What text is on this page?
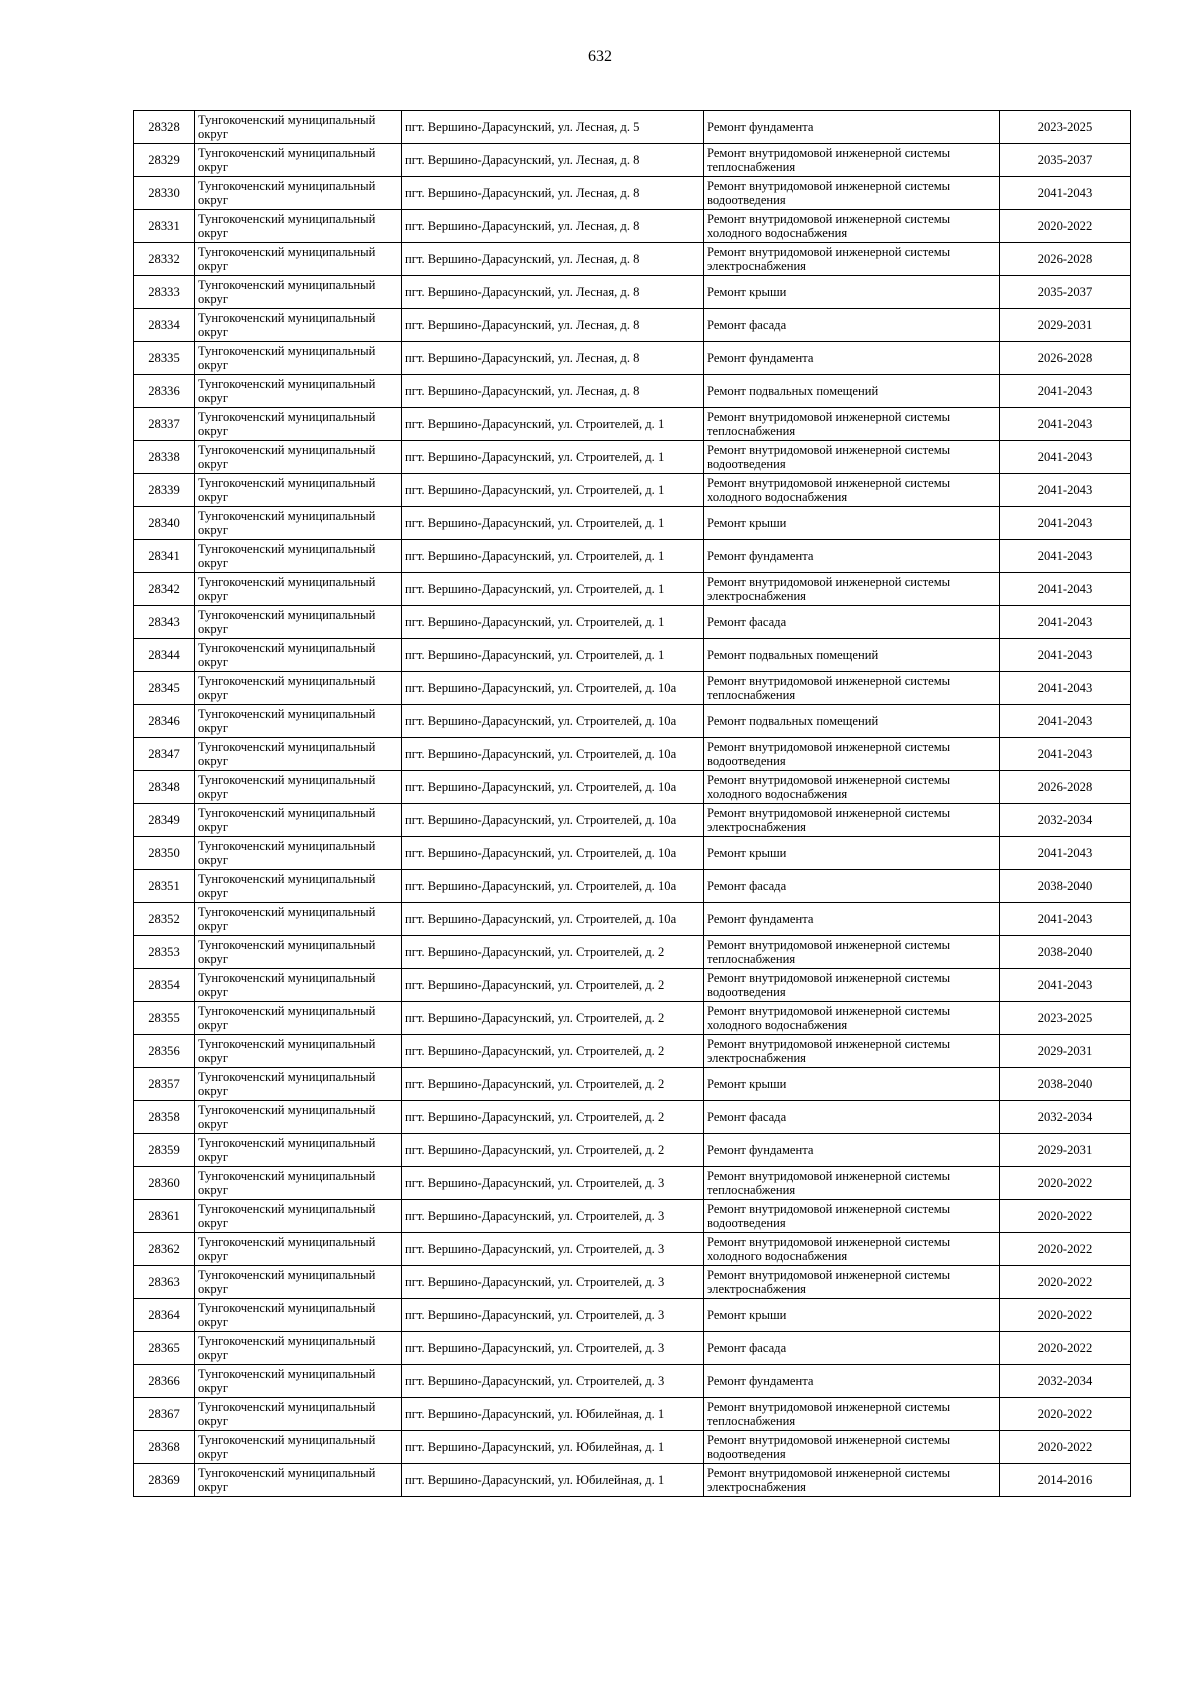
632
28328	Тунгокоченский муниципальный округ	пгт. Вершино-Дарасунский, ул. Лесная, д. 5	Ремонт фундамента	2023-2025
28329	Тунгокоченский муниципальный округ	пгт. Вершино-Дарасунский, ул. Лесная, д. 8	Ремонт внутридомовой инженерной системы теплоснабжения	2035-2037
28330	Тунгокоченский муниципальный округ	пгт. Вершино-Дарасунский, ул. Лесная, д. 8	Ремонт внутридомовой инженерной системы водоотведения	2041-2043
28331	Тунгокоченский муниципальный округ	пгт. Вершино-Дарасунский, ул. Лесная, д. 8	Ремонт внутридомовой инженерной системы холодного водоснабжения	2020-2022
28332	Тунгокоченский муниципальный округ	пгт. Вершино-Дарасунский, ул. Лесная, д. 8	Ремонт внутридомовой инженерной системы электроснабжения	2026-2028
28333	Тунгокоченский муниципальный округ	пгт. Вершино-Дарасунский, ул. Лесная, д. 8	Ремонт крыши	2035-2037
28334	Тунгокоченский муниципальный округ	пгт. Вершино-Дарасунский, ул. Лесная, д. 8	Ремонт фасада	2029-2031
28335	Тунгокоченский муниципальный округ	пгт. Вершино-Дарасунский, ул. Лесная, д. 8	Ремонт фундамента	2026-2028
28336	Тунгокоченский муниципальный округ	пгт. Вершино-Дарасунский, ул. Лесная, д. 8	Ремонт подвальных помещений	2041-2043
28337	Тунгокоченский муниципальный округ	пгт. Вершино-Дарасунский, ул. Строителей, д. 1	Ремонт внутридомовой инженерной системы теплоснабжения	2041-2043
28338	Тунгокоченский муниципальный округ	пгт. Вершино-Дарасунский, ул. Строителей, д. 1	Ремонт внутридомовой инженерной системы водоотведения	2041-2043
28339	Тунгокоченский муниципальный округ	пгт. Вершино-Дарасунский, ул. Строителей, д. 1	Ремонт внутридомовой инженерной системы холодного водоснабжения	2041-2043
28340	Тунгокоченский муниципальный округ	пгт. Вершино-Дарасунский, ул. Строителей, д. 1	Ремонт крыши	2041-2043
28341	Тунгокоченский муниципальный округ	пгт. Вершино-Дарасунский, ул. Строителей, д. 1	Ремонт фундамента	2041-2043
28342	Тунгокоченский муниципальный округ	пгт. Вершино-Дарасунский, ул. Строителей, д. 1	Ремонт внутридомовой инженерной системы электроснабжения	2041-2043
28343	Тунгокоченский муниципальный округ	пгт. Вершино-Дарасунский, ул. Строителей, д. 1	Ремонт фасада	2041-2043
28344	Тунгокоченский муниципальный округ	пгт. Вершино-Дарасунский, ул. Строителей, д. 1	Ремонт подвальных помещений	2041-2043
28345	Тунгокоченский муниципальный округ	пгт. Вершино-Дарасунский, ул. Строителей, д. 10а	Ремонт внутридомовой инженерной системы теплоснабжения	2041-2043
28346	Тунгокоченский муниципальный округ	пгт. Вершино-Дарасунский, ул. Строителей, д. 10а	Ремонт подвальных помещений	2041-2043
28347	Тунгокоченский муниципальный округ	пгт. Вершино-Дарасунский, ул. Строителей, д. 10а	Ремонт внутридомовой инженерной системы водоотведения	2041-2043
28348	Тунгокоченский муниципальный округ	пгт. Вершино-Дарасунский, ул. Строителей, д. 10а	Ремонт внутридомовой инженерной системы холодного водоснабжения	2026-2028
28349	Тунгокоченский муниципальный округ	пгт. Вершино-Дарасунский, ул. Строителей, д. 10а	Ремонт внутридомовой инженерной системы электроснабжения	2032-2034
28350	Тунгокоченский муниципальный округ	пгт. Вершино-Дарасунский, ул. Строителей, д. 10а	Ремонт крыши	2041-2043
28351	Тунгокоченский муниципальный округ	пгт. Вершино-Дарасунский, ул. Строителей, д. 10а	Ремонт фасада	2038-2040
28352	Тунгокоченский муниципальный округ	пгт. Вершино-Дарасунский, ул. Строителей, д. 10а	Ремонт фундамента	2041-2043
28353	Тунгокоченский муниципальный округ	пгт. Вершино-Дарасунский, ул. Строителей, д. 2	Ремонт внутридомовой инженерной системы теплоснабжения	2038-2040
28354	Тунгокоченский муниципальный округ	пгт. Вершино-Дарасунский, ул. Строителей, д. 2	Ремонт внутридомовой инженерной системы водоотведения	2041-2043
28355	Тунгокоченский муниципальный округ	пгт. Вершино-Дарасунский, ул. Строителей, д. 2	Ремонт внутридомовой инженерной системы холодного водоснабжения	2023-2025
28356	Тунгокоченский муниципальный округ	пгт. Вершино-Дарасунский, ул. Строителей, д. 2	Ремонт внутридомовой инженерной системы электроснабжения	2029-2031
28357	Тунгокоченский муниципальный округ	пгт. Вершино-Дарасунский, ул. Строителей, д. 2	Ремонт крыши	2038-2040
28358	Тунгокоченский муниципальный округ	пгт. Вершино-Дарасунский, ул. Строителей, д. 2	Ремонт фасада	2032-2034
28359	Тунгокоченский муниципальный округ	пгт. Вершино-Дарасунский, ул. Строителей, д. 2	Ремонт фундамента	2029-2031
28360	Тунгокоченский муниципальный округ	пгт. Вершино-Дарасунский, ул. Строителей, д. 3	Ремонт внутридомовой инженерной системы теплоснабжения	2020-2022
28361	Тунгокоченский муниципальный округ	пгт. Вершино-Дарасунский, ул. Строителей, д. 3	Ремонт внутридомовой инженерной системы водоотведения	2020-2022
28362	Тунгокоченский муниципальный округ	пгт. Вершино-Дарасунский, ул. Строителей, д. 3	Ремонт внутридомовой инженерной системы холодного водоснабжения	2020-2022
28363	Тунгокоченский муниципальный округ	пгт. Вершино-Дарасунский, ул. Строителей, д. 3	Ремонт внутридомовой инженерной системы электроснабжения	2020-2022
28364	Тунгокоченский муниципальный округ	пгт. Вершино-Дарасунский, ул. Строителей, д. 3	Ремонт крыши	2020-2022
28365	Тунгокоченский муниципальный округ	пгт. Вершино-Дарасунский, ул. Строителей, д. 3	Ремонт фасада	2020-2022
28366	Тунгокоченский муниципальный округ	пгт. Вершино-Дарасунский, ул. Строителей, д. 3	Ремонт фундамента	2032-2034
28367	Тунгокоченский муниципальный округ	пгт. Вершино-Дарасунский, ул. Юбилейная, д. 1	Ремонт внутридомовой инженерной системы теплоснабжения	2020-2022
28368	Тунгокоченский муниципальный округ	пгт. Вершино-Дарасунский, ул. Юбилейная, д. 1	Ремонт внутридомовой инженерной системы водоотведения	2020-2022
28369	Тунгокоченский муниципальный округ	пгт. Вершино-Дарасунский, ул. Юбилейная, д. 1	Ремонт внутридомовой инженерной системы электроснабжения	2014-2016
